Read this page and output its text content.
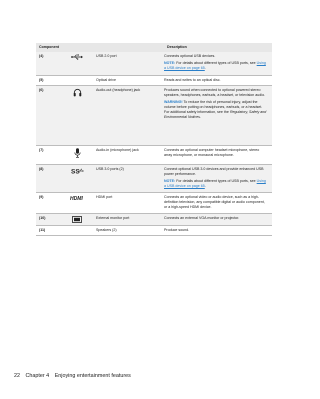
Component	Description
(4)	USB 2.0 port	Connects optional USB devices.

NOTE: For details about different types of USB ports, see Using a USB device on page 65.

(5)	Optical drive	Reads and writes to an optical disc.

(6)	Audio-out (headphone) jack	Produces sound when connected to optional powered stereo speakers, headphones, earbuds, a headset, or television audio.

WARNING! To reduce the risk of personal injury, adjust the volume before putting on headphones, earbuds, or a headset. For additional safety information, see the Regulatory, Safety and Environmental Notices.

(7)	Audio-in (microphone) jack	Connects an optional computer headset microphone, stereo array microphone, or monaural microphone.

(8)	SS	USB 3.0 ports (2)	Connect optional USB 3.0 devices and provide enhanced USB power performance.

NOTE: For details about different types of USB ports, see Using a USB device on page 65.

(9)	HDMI	HDMI port	Connects an optional video or audio device, such as a high-definition television, any compatible digital or audio component, or a high-speed HDMI device.

(10)	External monitor port	Connects an external VGA monitor or projector.

(11)	Speakers (2)	Produce sound.

22 Chapter 4 Enjoying entertainment features
